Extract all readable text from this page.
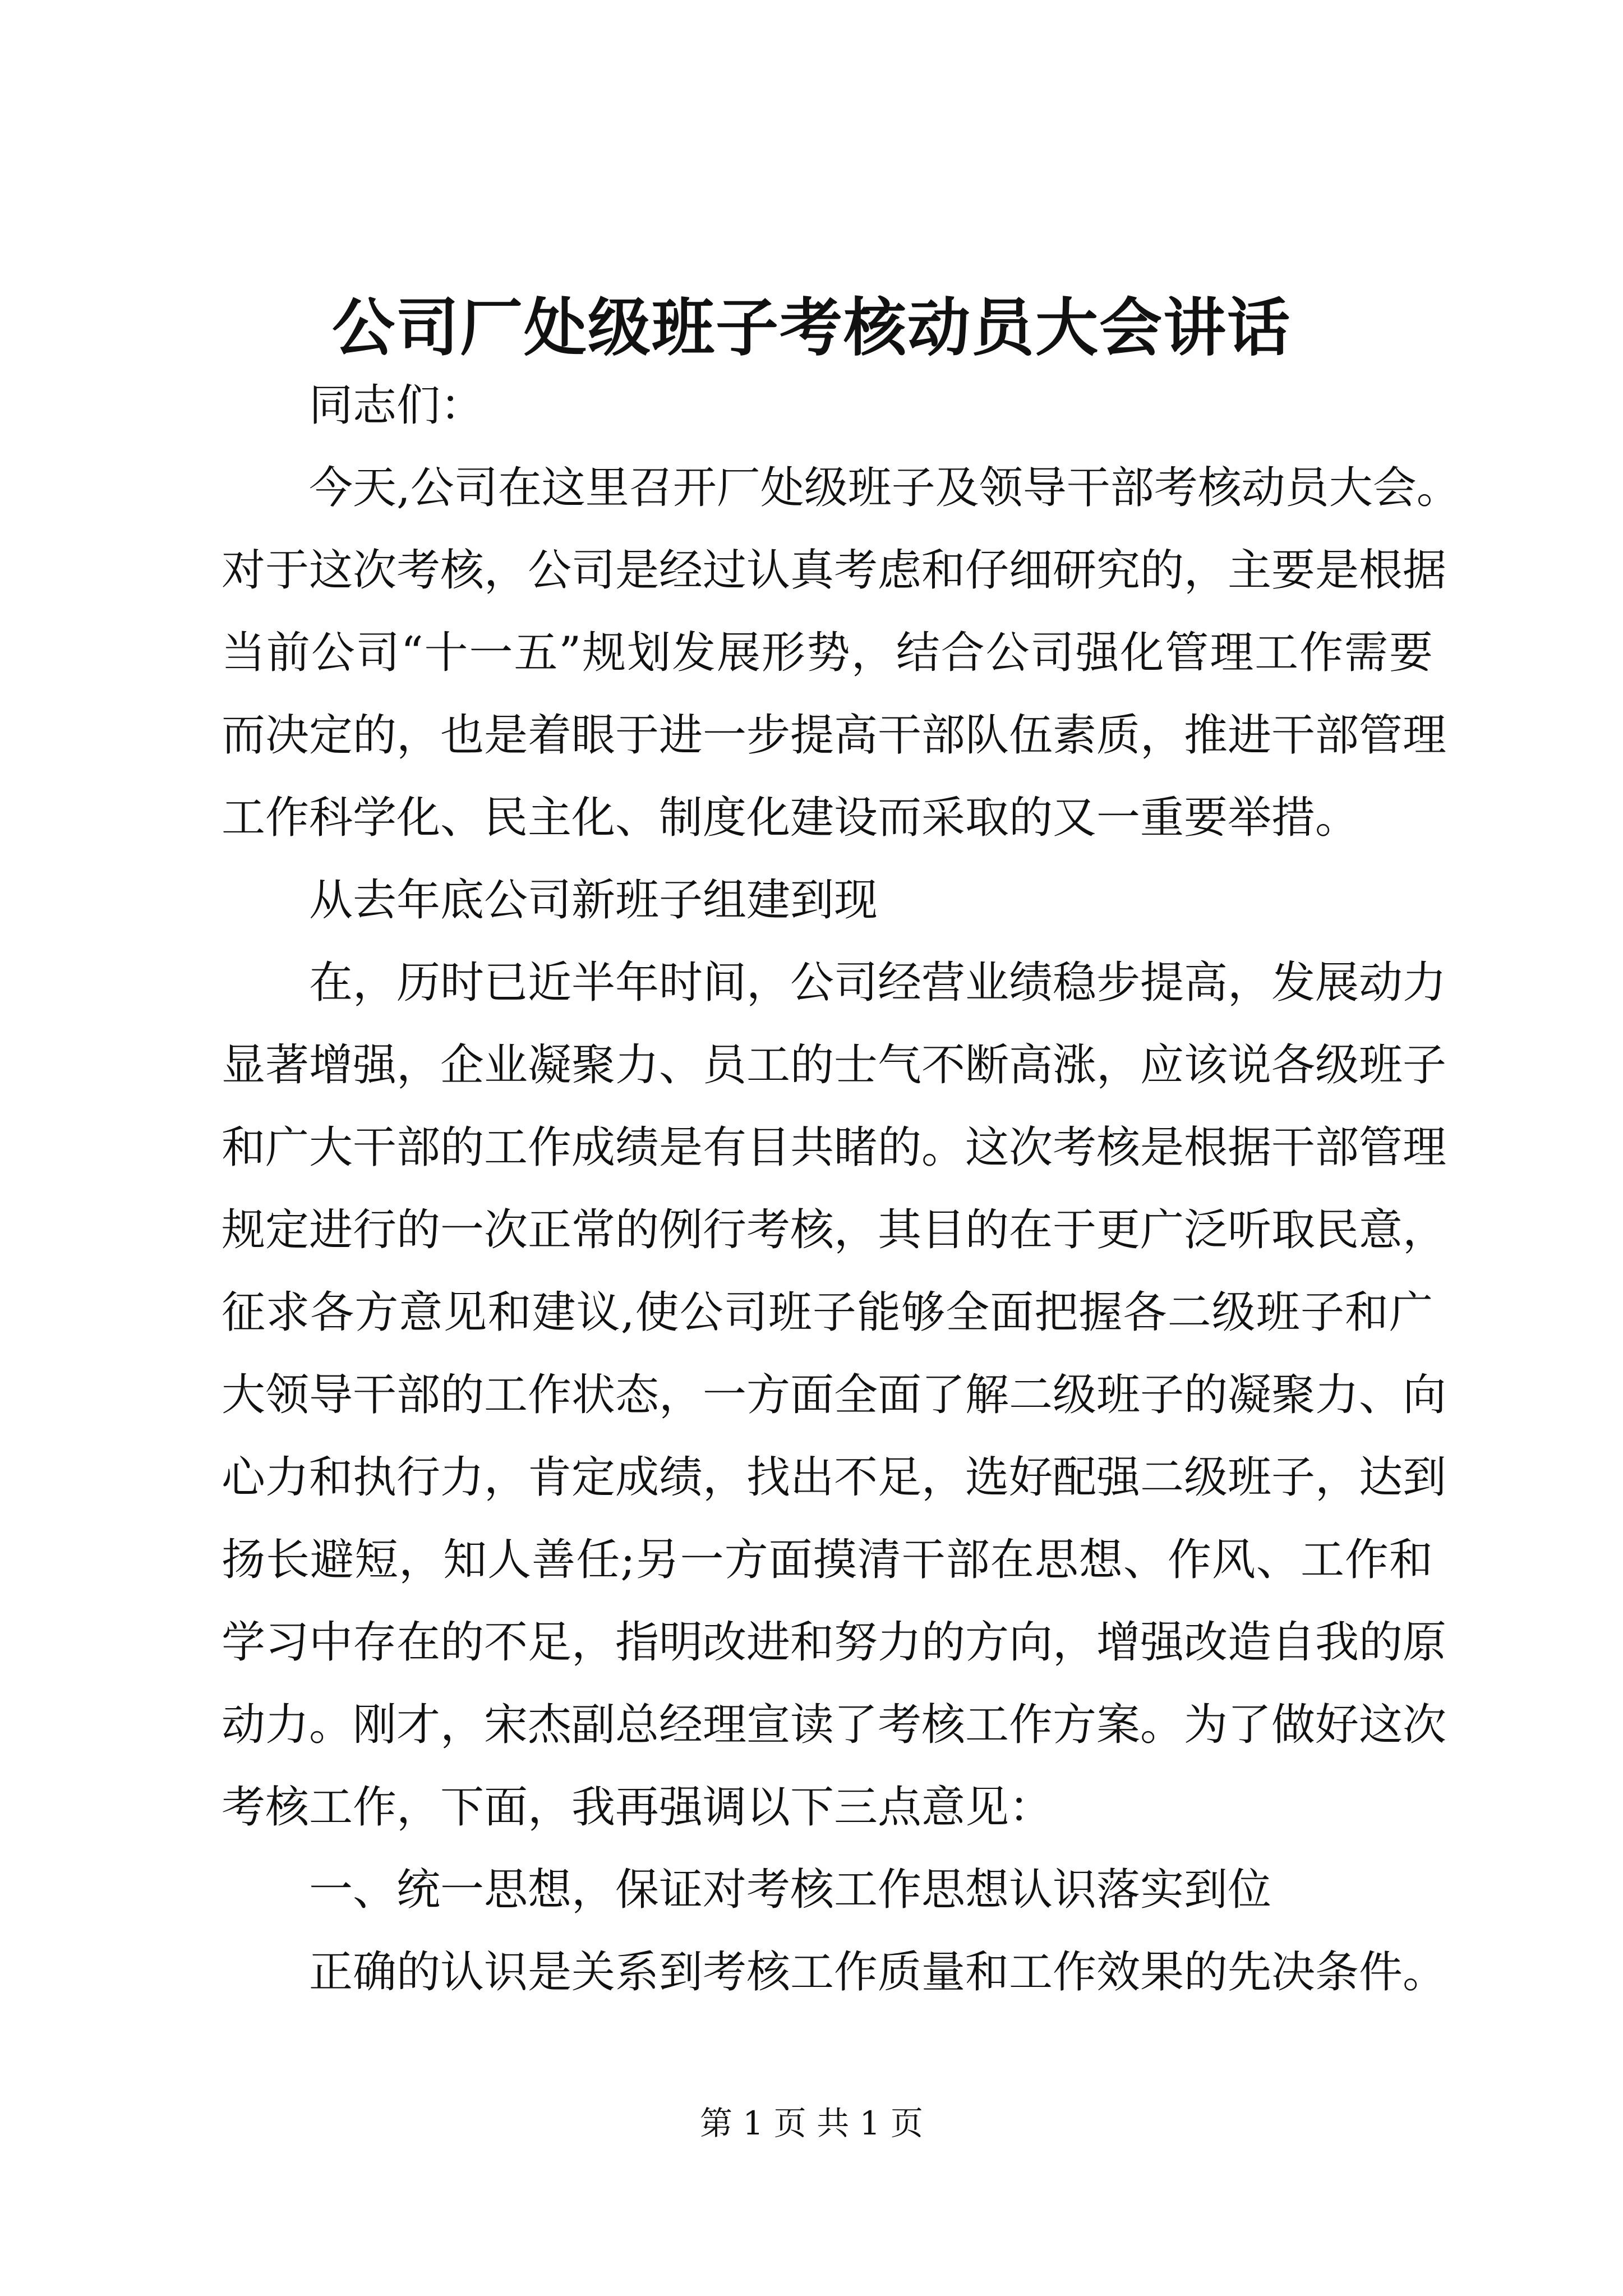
公司厂处级班子考核动员大会讲话
同志们：
今天,公司在这里召开厂处级班子及领导干部考核动员大会。
对于这次考核，公司是经过认真考虑和仔细研究的，主要是根据
当前公司“十一五”规划发展形势，结合公司强化管理工作需要
而决定的，也是着眼于进一步提高干部队伍素质，推进干部管理
工作科学化、民主化、制度化建设而采取的又一重要举措。
从去年底公司新班子组建到现
在，历时已近半年时间，公司经营业绩稳步提高，发展动力
显著增强，企业凝聚力、员工的士气不断高涨，应该说各级班子
和广大干部的工作成绩是有目共睹的。这次考核是根据干部管理
规定进行的一次正常的例行考核，其目的在于更广泛听取民意，
征求各方意见和建议,使公司班子能够全面把握各二级班子和广
大领导干部的工作状态，一方面全面了解二级班子的凝聚力、向
心力和执行力，肯定成绩，找出不足，选好配强二级班子，达到
扬长避短，知人善任;另一方面摸清干部在思想、作风、工作和
学习中存在的不足，指明改进和努力的方向，增强改造自我的原
动力。刚才，宋杰副总经理宣读了考核工作方案。为了做好这次
考核工作，下面，我再强调以下三点意见：
一、统一思想，保证对考核工作思想认识落实到位
正确的认识是关系到考核工作质量和工作效果的先决条件。
第 1 页 共 1 页
